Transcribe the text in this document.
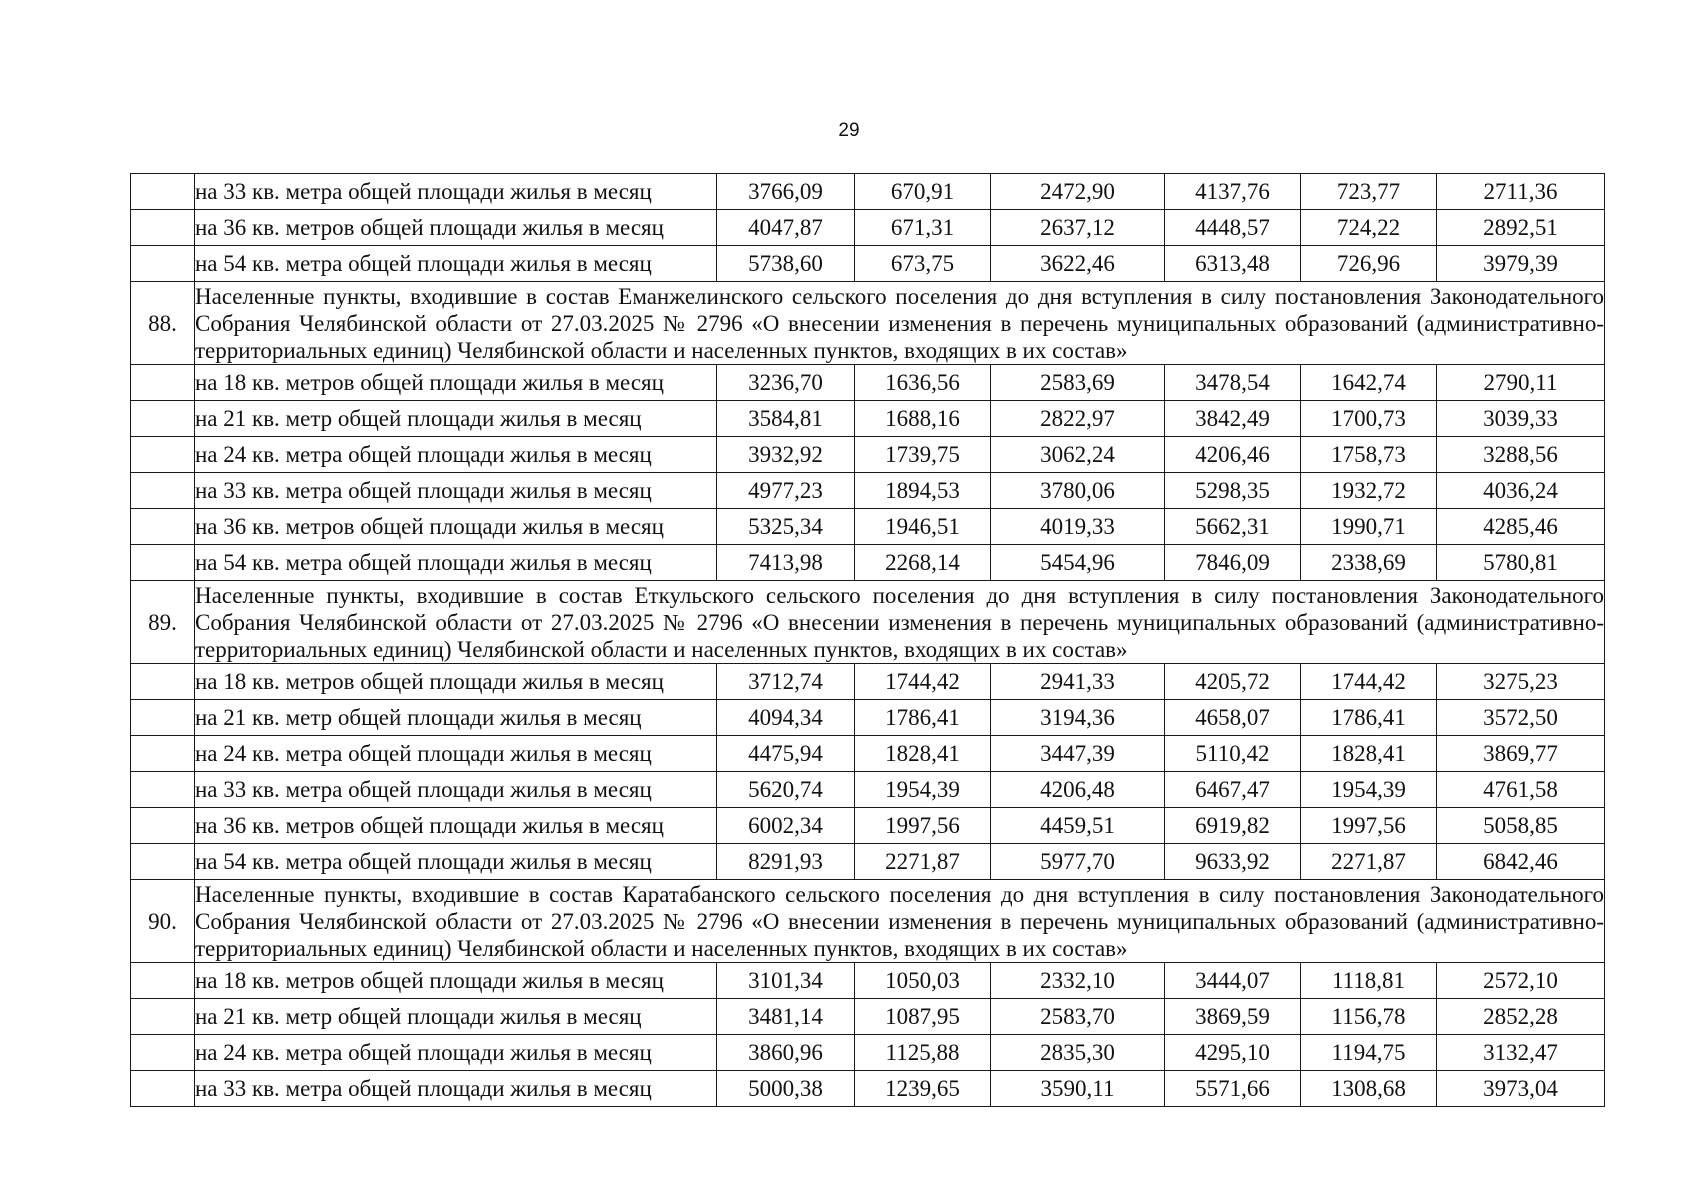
29
	на 33 кв. метра общей площади жилья в месяц	3766,09	670,91	2472,90	4137,76	723,77	2711,36
	на 36 кв. метров общей площади жилья в месяц	4047,87	671,31	2637,12	4448,57	724,22	2892,51
	на 54 кв. метра общей площади жилья в месяц	5738,60	673,75	3622,46	6313,48	726,96	3979,39
88.	Населенные пункты, входившие в состав Еманжелинского сельского поселения до дня вступления в силу постановления Законодательного Собрания Челябинской области от 27.03.2025 № 2796 «О внесении изменения в перечень муниципальных образований (административно-территориальных единиц) Челябинской области и населенных пунктов, входящих в их состав»						
	на 18 кв. метров общей площади жилья в месяц	3236,70	1636,56	2583,69	3478,54	1642,74	2790,11
	на 21 кв. метр общей площади жилья в месяц	3584,81	1688,16	2822,97	3842,49	1700,73	3039,33
	на 24 кв. метра общей площади жилья в месяц	3932,92	1739,75	3062,24	4206,46	1758,73	3288,56
	на 33 кв. метра общей площади жилья в месяц	4977,23	1894,53	3780,06	5298,35	1932,72	4036,24
	на 36 кв. метров общей площади жилья в месяц	5325,34	1946,51	4019,33	5662,31	1990,71	4285,46
	на 54 кв. метра общей площади жилья в месяц	7413,98	2268,14	5454,96	7846,09	2338,69	5780,81
89.	Населенные пункты, входившие в состав Еткульского сельского поселения до дня вступления в силу постановления Законодательного Собрания Челябинской области от 27.03.2025 № 2796 «О внесении изменения в перечень муниципальных образований (административно-территориальных единиц) Челябинской области и населенных пунктов, входящих в их состав»						
	на 18 кв. метров общей площади жилья в месяц	3712,74	1744,42	2941,33	4205,72	1744,42	3275,23
	на 21 кв. метр общей площади жилья в месяц	4094,34	1786,41	3194,36	4658,07	1786,41	3572,50
	на 24 кв. метра общей площади жилья в месяц	4475,94	1828,41	3447,39	5110,42	1828,41	3869,77
	на 33 кв. метра общей площади жилья в месяц	5620,74	1954,39	4206,48	6467,47	1954,39	4761,58
	на 36 кв. метров общей площади жилья в месяц	6002,34	1997,56	4459,51	6919,82	1997,56	5058,85
	на 54 кв. метра общей площади жилья в месяц	8291,93	2271,87	5977,70	9633,92	2271,87	6842,46
90.	Населенные пункты, входившие в состав Каратабанского сельского поселения до дня вступления в силу постановления Законодательного Собрания Челябинской области от 27.03.2025 № 2796 «О внесении изменения в перечень муниципальных образований (административно-территориальных единиц) Челябинской области и населенных пунктов, входящих в их состав»						
	на 18 кв. метров общей площади жилья в месяц	3101,34	1050,03	2332,10	3444,07	1118,81	2572,10
	на 21 кв. метр общей площади жилья в месяц	3481,14	1087,95	2583,70	3869,59	1156,78	2852,28
	на 24 кв. метра общей площади жилья в месяц	3860,96	1125,88	2835,30	4295,10	1194,75	3132,47
	на 33 кв. метра общей площади жилья в месяц	5000,38	1239,65	3590,11	5571,66	1308,68	3973,04
